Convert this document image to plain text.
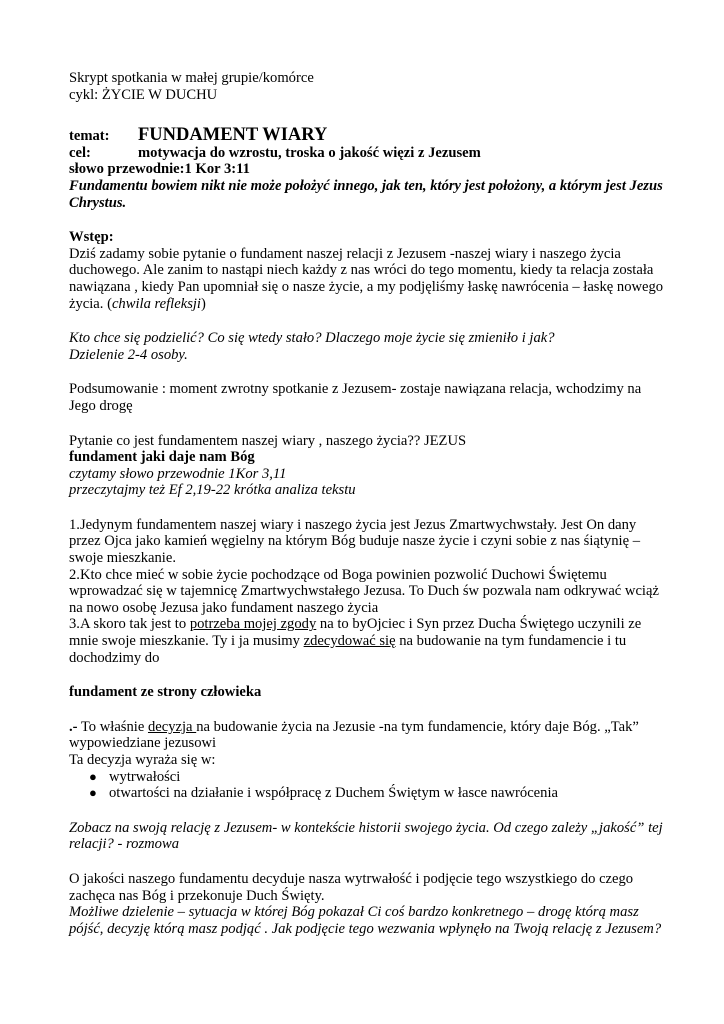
Skrypt spotkania w małej grupie/komórce

cykl: ŻYCIE W DUCHU

temat:	FUNDAMENT WIARY
cel:	motywacja do wzrostu, troska o jakość więzi z Jezusem

słowo przewodnie:1 Kor 3:11

Fundamentu bowiem nikt nie może położyć innego, jak ten, który jest położony, a którym jest Jezus Chrystus.

Wstęp:

Dziś zadamy sobie pytanie o fundament naszej relacji z Jezusem -naszej wiary i naszego życia duchowego. Ale zanim to nastąpi niech każdy z nas wróci do tego momentu, kiedy ta relacja została nawiązana , kiedy Pan upomniał się o nasze życie, a my podjęliśmy łaskę nawrócenia – łaskę nowego życia. (chwila refleksji)

Kto chce się podzielić? Co się wtedy stało? Dlaczego moje życie się zmieniło i jak?

Dzielenie 2-4 osoby.

Podsumowanie : moment zwrotny spotkanie z Jezusem- zostaje nawiązana relacja, wchodzimy na Jego drogę

Pytanie co jest fundamentem naszej wiary , naszego życia?? JEZUS

fundament jaki daje nam Bóg

czytamy słowo przewodnie 1Kor 3,11

przeczytajmy też Ef 2,19-22 krótka analiza tekstu

1.Jedynym fundamentem naszej wiary i naszego życia jest Jezus Zmartwychwstały. Jest On dany przez Ojca jako kamień węgielny na którym Bóg buduje nasze życie i czyni sobie z nas śiątynię – swoje mieszkanie.

2.Kto chce mieć w sobie życie pochodzące od Boga powinien pozwolić Duchowi Świętemu wprowadzać się w tajemnicę Zmartwychwstałego Jezusa. To Duch św pozwala nam odkrywać wciąż na nowo osobę Jezusa jako fundament naszego życia

3.A skoro tak jest to potrzeba mojej zgody na to byOjciec i Syn przez Ducha Świętego uczynili ze mnie swoje mieszkanie. Ty i ja musimy zdecydować się na budowanie na tym fundamencie i tu dochodzimy do

fundament ze strony człowieka

.- To właśnie decyzja na budowanie życia na Jezusie -na tym fundamencie, który daje Bóg. „Tak” wypowiedziane jezusowi

Ta decyzja wyraża się w:

● wytrwałości
● otwartości na działanie i współpracę z Duchem Świętym w łasce nawrócenia

Zobacz na swoją relację z Jezusem- w kontekście historii swojego życia. Od czego zależy „jakość” tej relacji? - rozmowa

O jakości naszego fundamentu decyduje nasza wytrwałość i podjęcie tego wszystkiego do czego zachęca nas Bóg i przekonuje Duch Święty.

Możliwe dzielenie – sytuacja w której Bóg pokazał Ci coś bardzo konkretnego – drogę którą masz pójść, decyzję którą masz podjąć . Jak podjęcie tego wezwania wpłynęło na Twoją relację z Jezusem?
